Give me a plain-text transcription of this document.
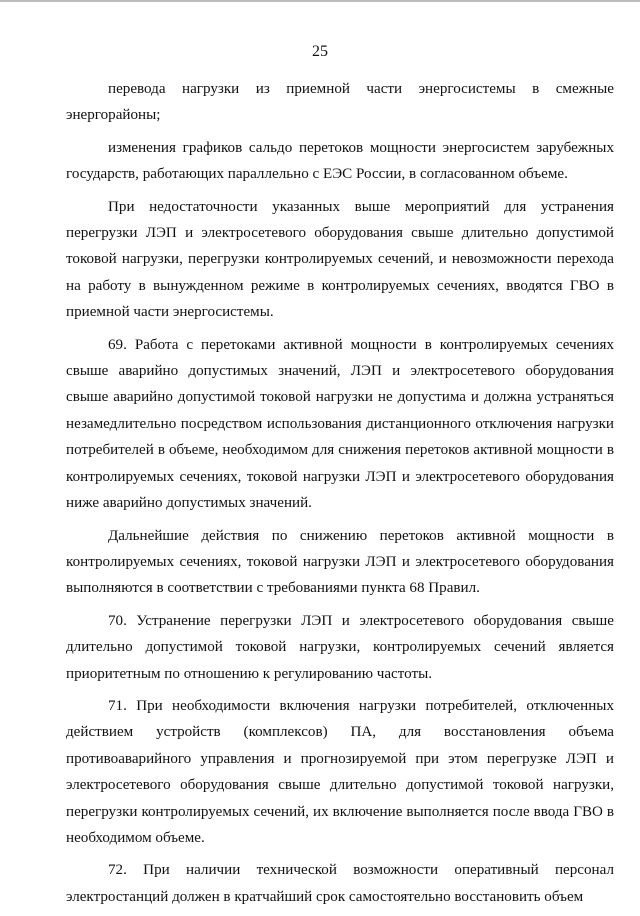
25

перевода нагрузки из приемной части энергосистемы в смежные энергорайоны;

изменения графиков сальдо перетоков мощности энергосистем зарубежных государств, работающих параллельно с ЕЭС России, в согласованном объеме.

При недостаточности указанных выше мероприятий для устранения перегрузки ЛЭП и электросетевого оборудования свыше длительно допустимой токовой нагрузки, перегрузки контролируемых сечений, и невозможности перехода на работу в вынужденном режиме в контролируемых сечениях, вводятся ГВО в приемной части энергосистемы.

69. Работа с перетоками активной мощности в контролируемых сечениях свыше аварийно допустимых значений, ЛЭП и электросетевого оборудования свыше аварийно допустимой токовой нагрузки не допустима и должна устраняться незамедлительно посредством использования дистанционного отключения нагрузки потребителей в объеме, необходимом для снижения перетоков активной мощности в контролируемых сечениях, токовой нагрузки ЛЭП и электросетевого оборудования ниже аварийно допустимых значений.

Дальнейшие действия по снижению перетоков активной мощности в контролируемых сечениях, токовой нагрузки ЛЭП и электросетевого оборудования выполняются в соответствии с требованиями пункта 68 Правил.

70. Устранение перегрузки ЛЭП и электросетевого оборудования свыше длительно допустимой токовой нагрузки, контролируемых сечений является приоритетным по отношению к регулированию частоты.

71. При необходимости включения нагрузки потребителей, отключенных действием устройств (комплексов) ПА, для восстановления объема противоаварийного управления и прогнозируемой при этом перегрузке ЛЭП и электросетевого оборудования свыше длительно допустимой токовой нагрузки, перегрузки контролируемых сечений, их включение выполняется после ввода ГВО в необходимом объеме.

72. При наличии технической возможности оперативный персонал электростанций должен в кратчайший срок самостоятельно восстановить объем
